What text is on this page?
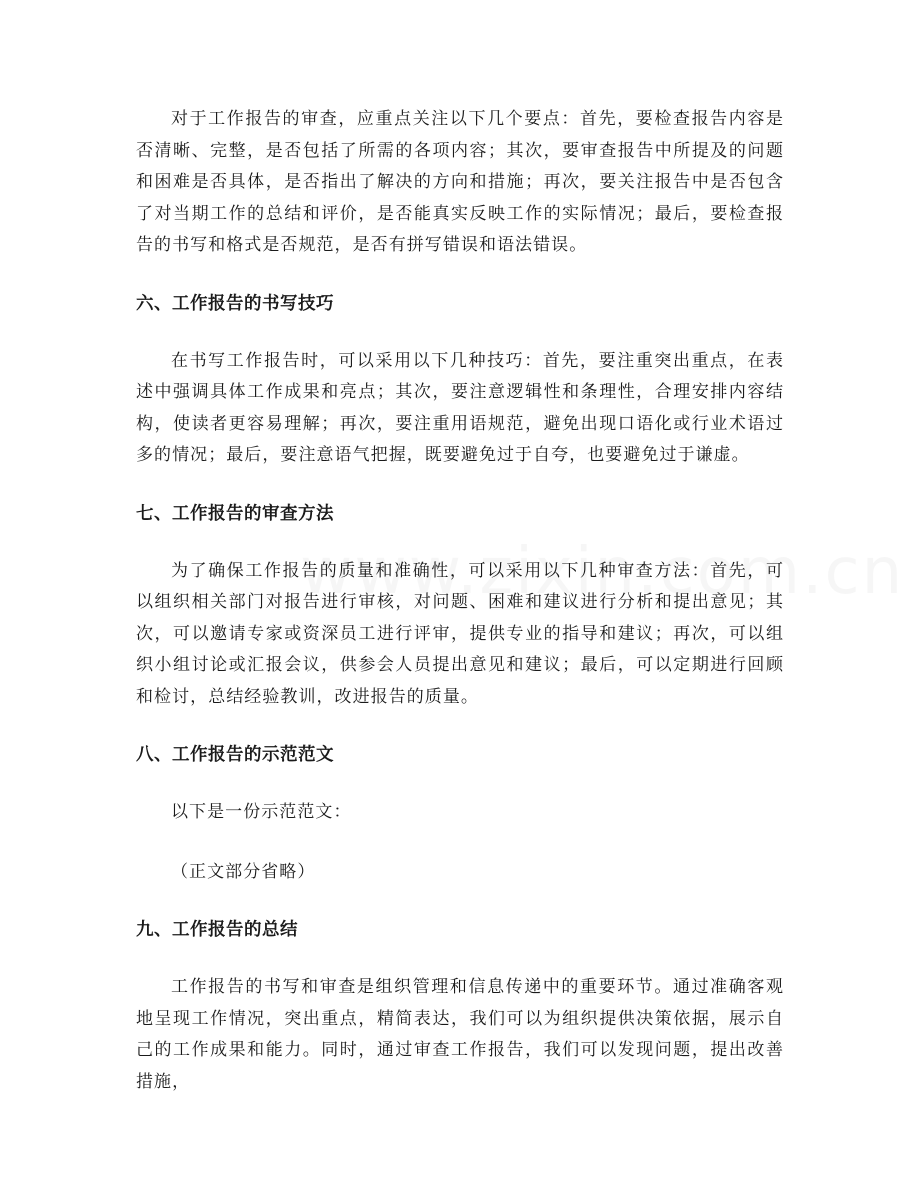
对于工作报告的审查，应重点关注以下几个要点：首先，要检查报告内容是否清晰、完整，是否包括了所需的各项内容；其次，要审查报告中所提及的问题和困难是否具体，是否指出了解决的方向和措施；再次，要关注报告中是否包含了对当期工作的总结和评价，是否能真实反映工作的实际情况；最后，要检查报告的书写和格式是否规范，是否有拼写错误和语法错误。

六、工作报告的书写技巧

在书写工作报告时，可以采用以下几种技巧：首先，要注重突出重点，在表述中强调具体工作成果和亮点；其次，要注意逻辑性和条理性，合理安排内容结构，使读者更容易理解；再次，要注重用语规范，避免出现口语化或行业术语过多的情况；最后，要注意语气把握，既要避免过于自夸，也要避免过于谦虚。

七、工作报告的审查方法

为了确保工作报告的质量和准确性，可以采用以下几种审查方法：首先，可以组织相关部门对报告进行审核，对问题、困难和建议进行分析和提出意见；其次，可以邀请专家或资深员工进行评审，提供专业的指导和建议；再次，可以组织小组讨论或汇报会议，供参会人员提出意见和建议；最后，可以定期进行回顾和检讨，总结经验教训，改进报告的质量。

八、工作报告的示范范文

以下是一份示范范文：

（正文部分省略）

九、工作报告的总结

工作报告的书写和审查是组织管理和信息传递中的重要环节。通过准确客观地呈现工作情况，突出重点，精简表达，我们可以为组织提供决策依据，展示自己的工作成果和能力。同时，通过审查工作报告，我们可以发现问题，提出改善措施，
